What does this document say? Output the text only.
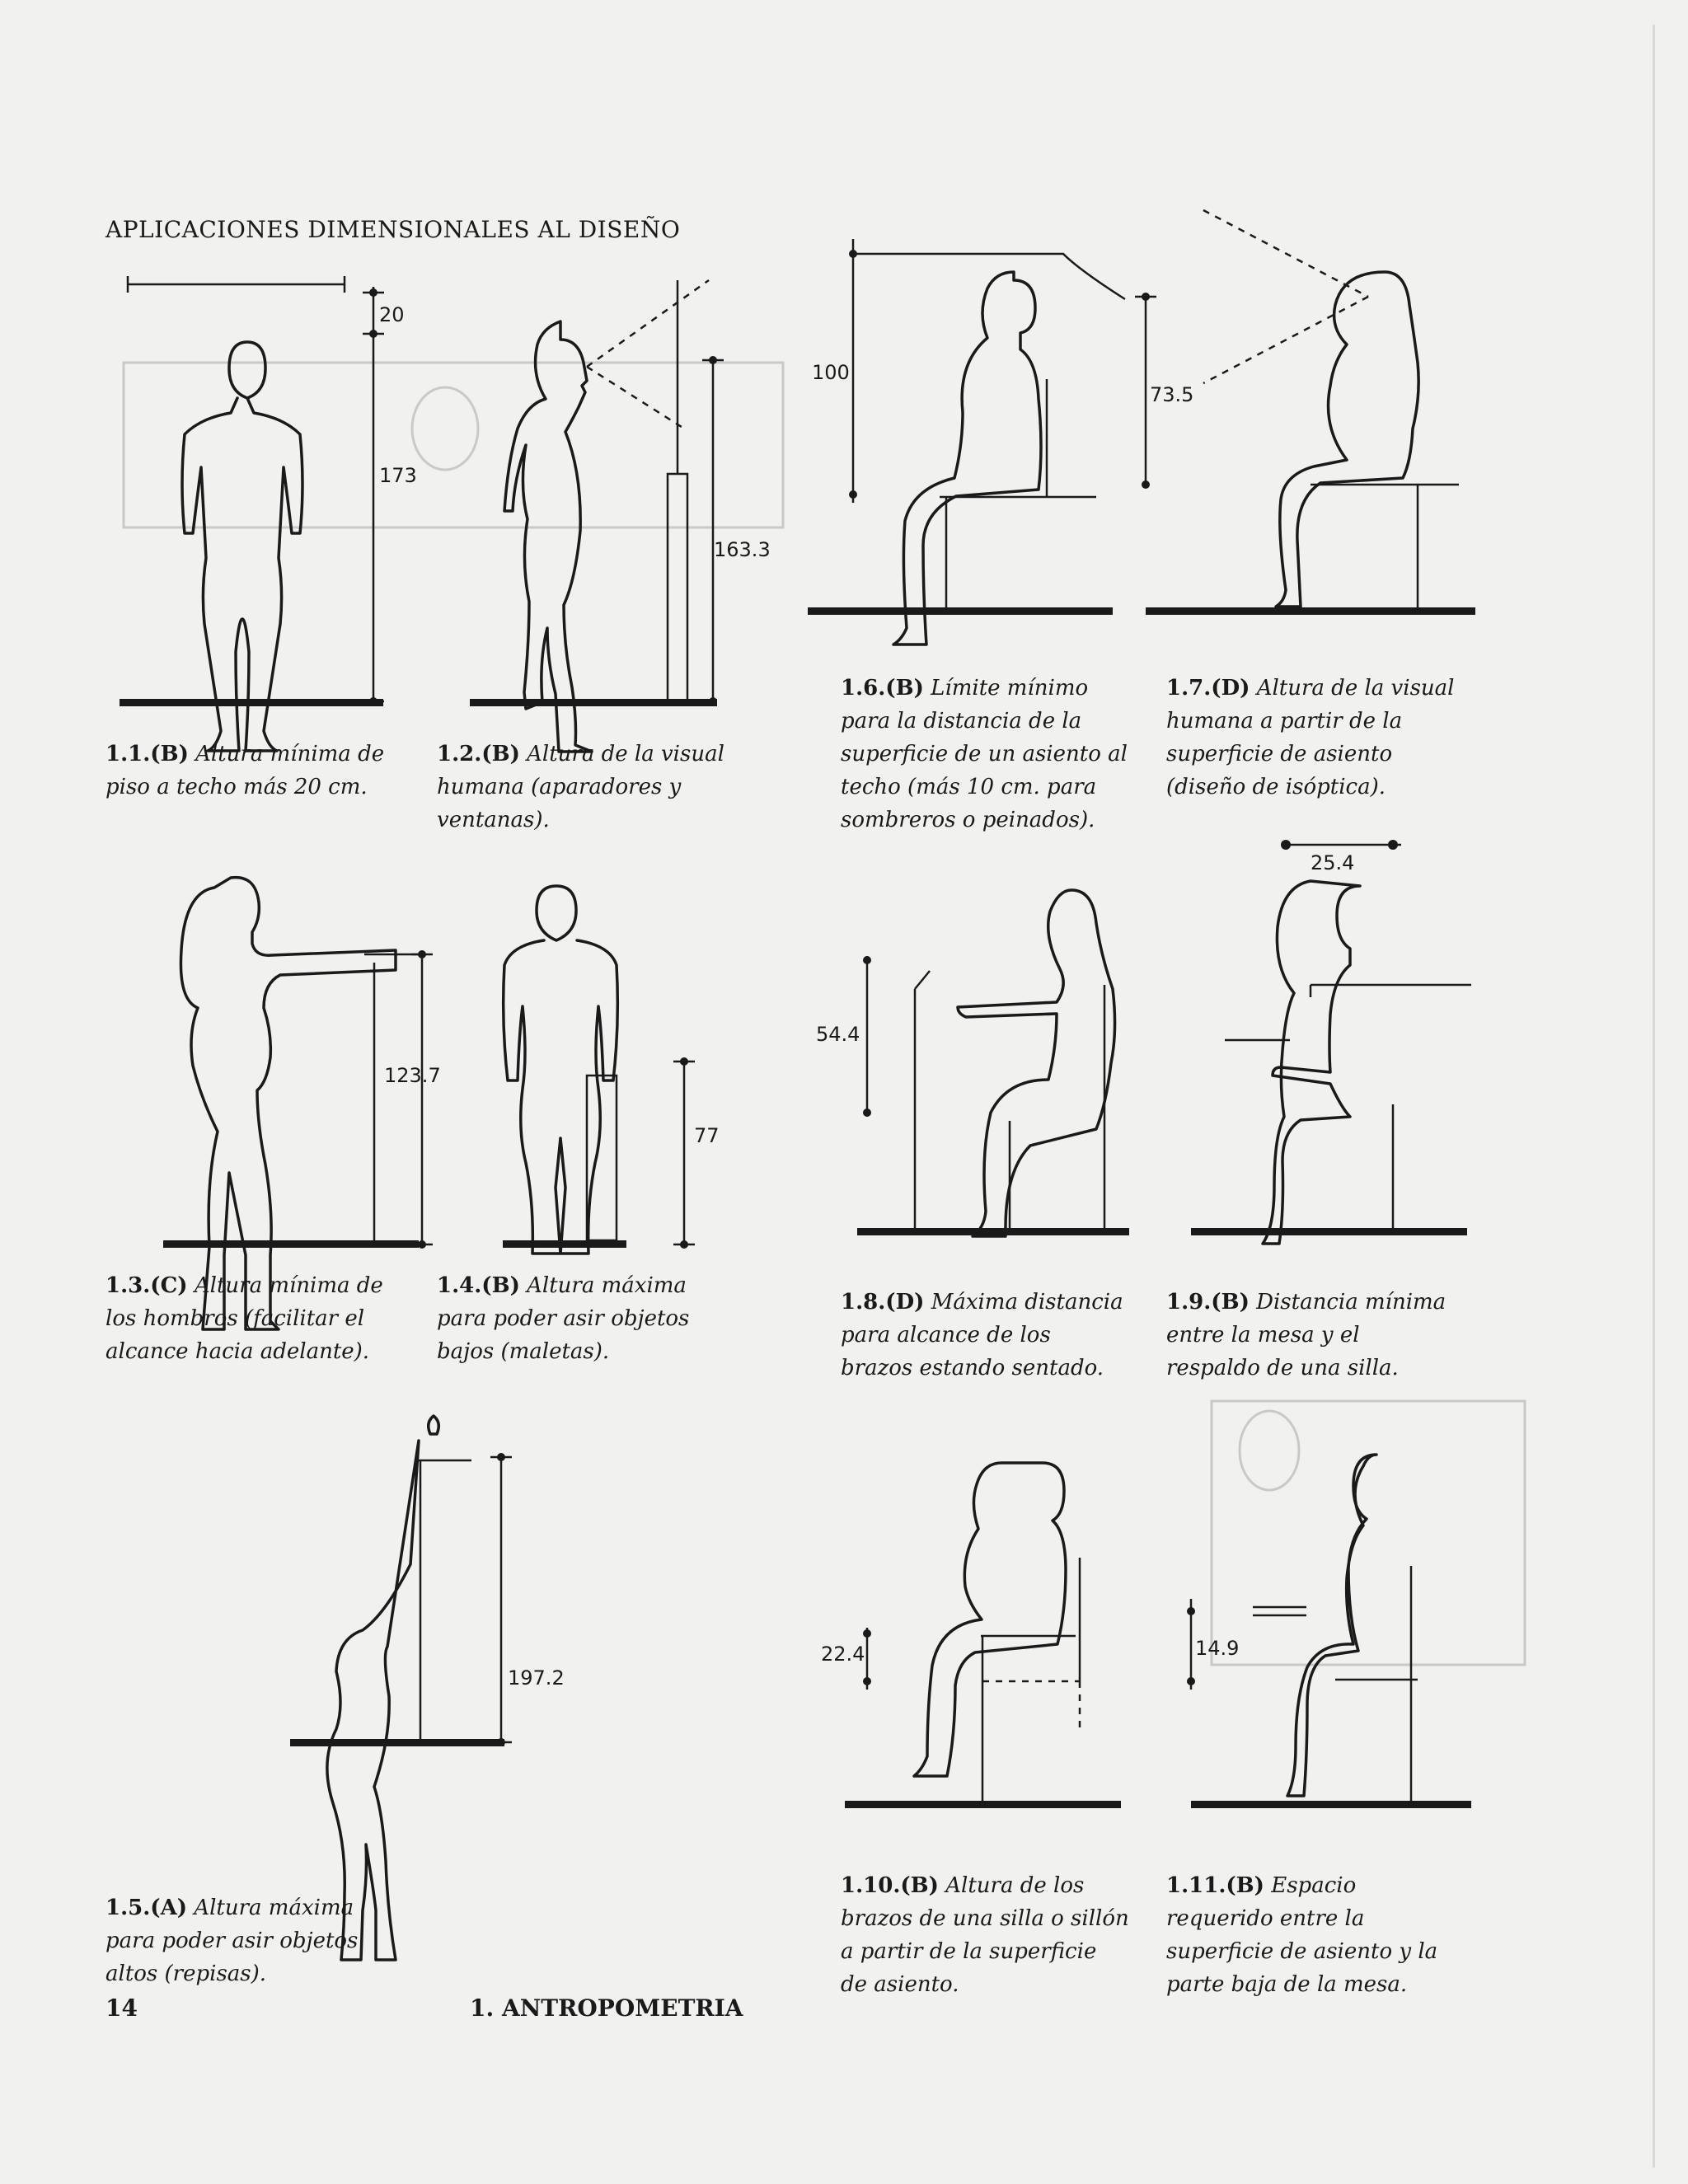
APLICACIONES DIMENSIONALES AL DISEÑO
20
173
163.3
123.7
77
197.2
100
73.5
54.4
25.4
22.4	14.9
1.1.(B) Altura mínima de piso a techo más 20 cm.
1.2.(B) Altura de la visual humana (aparadores y ventanas).
1.3.(C) Altura mínima de los hombros (facilitar el alcance hacia adelante).
1.4.(B) Altura máxima para poder asir objetos bajos (maletas).
1.5.(A) Altura máxima para poder asir objetos altos (repisas).
1.6.(B) Límite mínimo para la distancia de la superficie de un asiento al techo (más 10 cm. para sombreros o peinados).
1.7.(D) Altura de la visual humana a partir de la superficie de asiento (diseño de isóptica).
1.8.(D) Máxima distancia para alcance de los brazos estando sentado.
1.9.(B) Distancia mínima entre la mesa y el respaldo de una silla.
1.10.(B) Altura de los brazos de una silla o sillón a partir de la superficie de asiento.
1.11.(B) Espacio requerido entre la superficie de asiento y la parte baja de la mesa.
14	1. ANTROPOMETRIA
